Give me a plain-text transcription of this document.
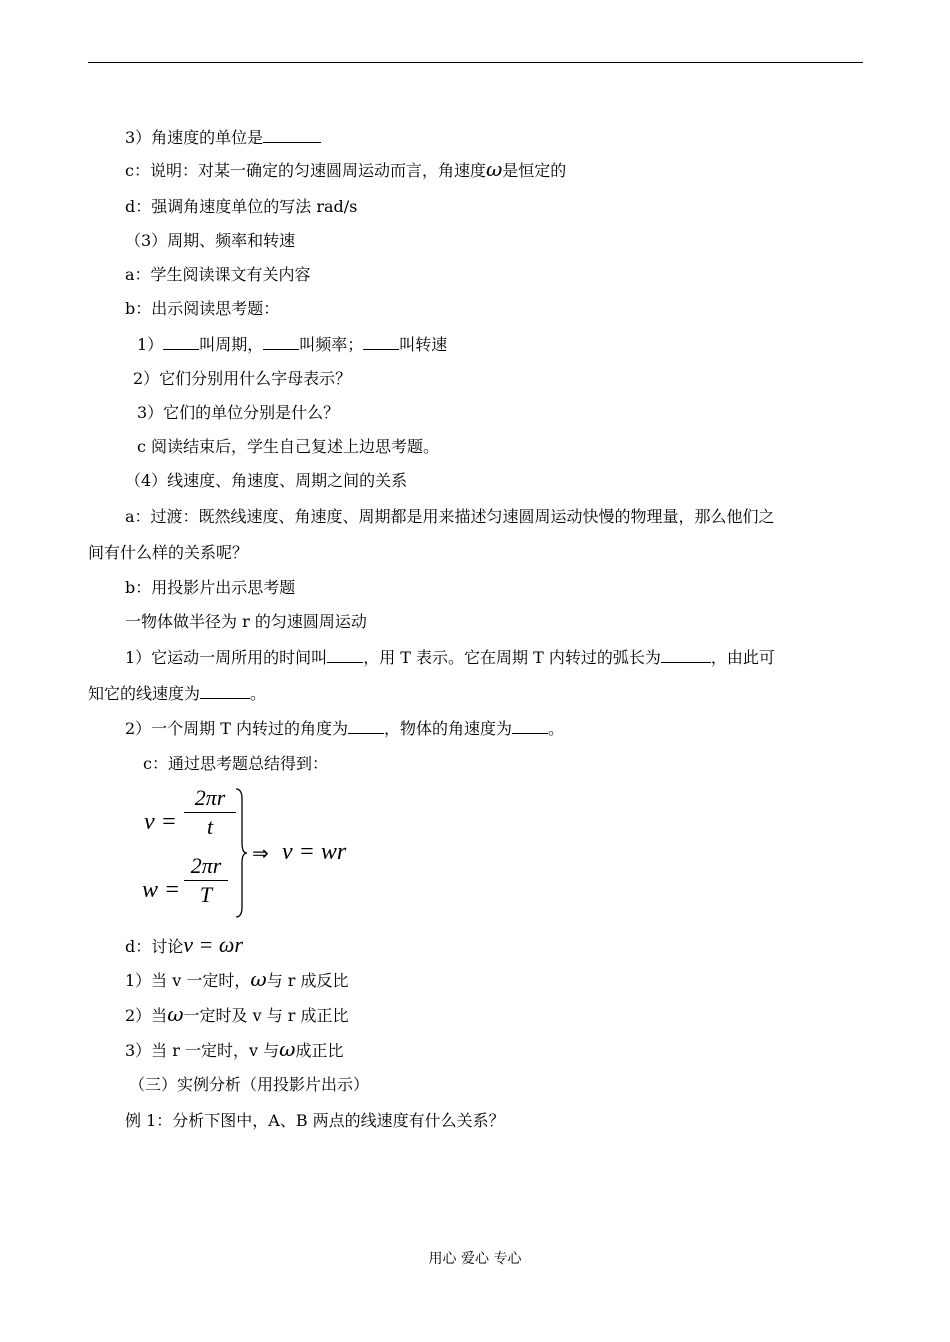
3）角速度的单位是
c：说明：对某一确定的匀速圆周运动而言，角速度ω是恒定的
d：强调角速度单位的写法 rad/s
（3）周期、频率和转速
a：学生阅读课文有关内容
b：出示阅读思考题：
1） 叫周期， 叫频率； 叫转速
2）它们分别用什么字母表示？
3）它们的单位分别是什么？
c 阅读结束后，学生自己复述上边思考题。
（4）线速度、角速度、周期之间的关系
a：过渡：既然线速度、角速度、周期都是用来描述匀速圆周运动快慢的物理量，那么他们之
间有什么样的关系呢？
b：用投影片出示思考题
一物体做半径为 r 的匀速圆周运动
1）它运动一周所用的时间叫 ，用 T 表示。它在周期 T 内转过的弧长为	，由此可
知它的线速度为	。
2）一个周期 T 内转过的角度为 ，物体的角速度为 。
c：通过思考题总结得到：
v =
2πr
t
w =
2πr
T
⇒ v = wr
d：讨论v = ωr
1）当 v 一定时，ω与 r 成反比
2）当ω一定时及 v 与 r 成正比
3）当 r 一定时，v 与ω成正比
（三）实例分析（用投影片出示）
例 1：分析下图中，A、B 两点的线速度有什么关系？
用心 爱心 专心
